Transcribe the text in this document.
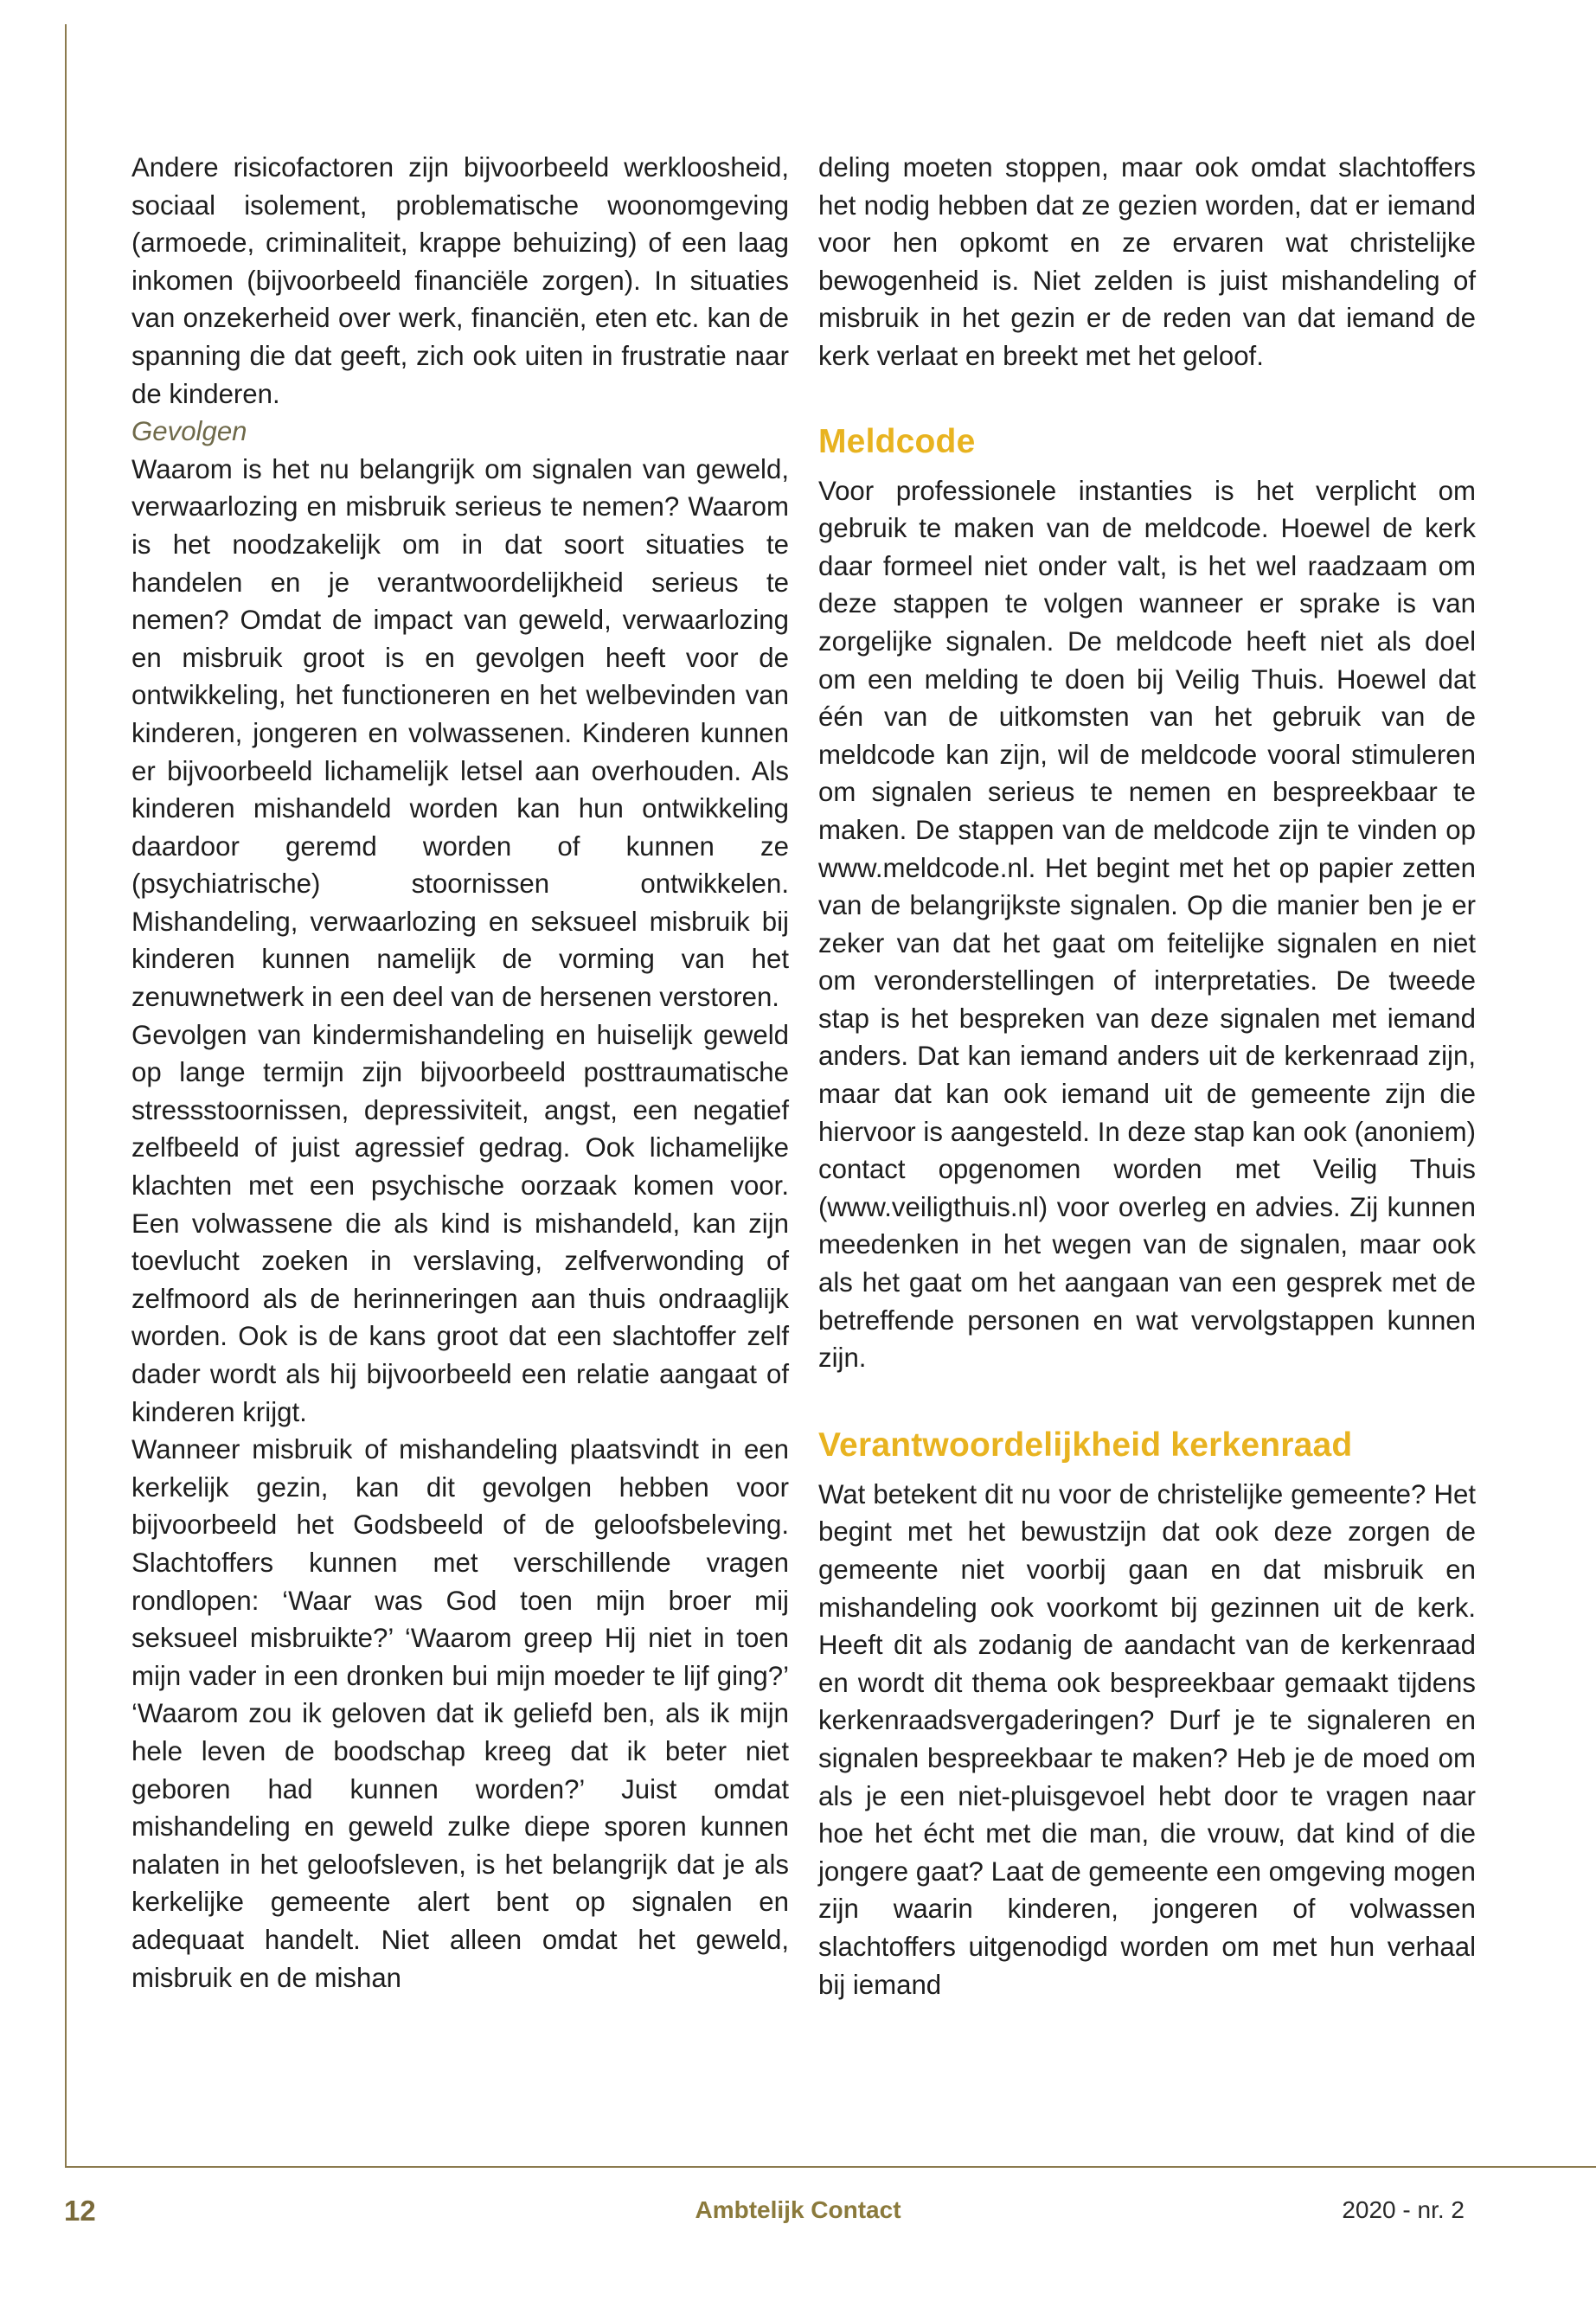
Andere risicofactoren zijn bijvoorbeeld werkloosheid, sociaal isolement, problematische woonomgeving (armoede, criminaliteit, krappe behuizing) of een laag inkomen (bijvoorbeeld financiële zorgen). In situaties van onzekerheid over werk, financiën, eten etc. kan de spanning die dat geeft, zich ook uiten in frustratie naar de kinderen.

Gevolgen

Waarom is het nu belangrijk om signalen van geweld, verwaarlozing en misbruik serieus te nemen? Waarom is het noodzakelijk om in dat soort situaties te handelen en je verantwoordelijkheid serieus te nemen? Omdat de impact van geweld, verwaarlozing en misbruik groot is en gevolgen heeft voor de ontwikkeling, het functioneren en het welbevinden van kinderen, jongeren en volwassenen. Kinderen kunnen er bijvoorbeeld lichamelijk letsel aan overhouden. Als kinderen mishandeld worden kan hun ontwikkeling daardoor geremd worden of kunnen ze (psychiatrische) stoornissen ontwikkelen. Mishandeling, verwaarlozing en seksueel misbruik bij kinderen kunnen namelijk de vorming van het zenuwnetwerk in een deel van de hersenen verstoren.

Gevolgen van kindermishandeling en huiselijk geweld op lange termijn zijn bijvoorbeeld posttraumatische stressstoornissen, depressiviteit, angst, een negatief zelfbeeld of juist agressief gedrag. Ook lichamelijke klachten met een psychische oorzaak komen voor. Een volwassene die als kind is mishandeld, kan zijn toevlucht zoeken in verslaving, zelfverwonding of zelfmoord als de herinneringen aan thuis ondraaglijk worden. Ook is de kans groot dat een slachtoffer zelf dader wordt als hij bijvoorbeeld een relatie aangaat of kinderen krijgt.

Wanneer misbruik of mishandeling plaatsvindt in een kerkelijk gezin, kan dit gevolgen hebben voor bijvoorbeeld het Godsbeeld of de geloofsbeleving. Slachtoffers kunnen met verschillende vragen rondlopen: ‘Waar was God toen mijn broer mij seksueel misbruikte?’ ‘Waarom greep Hij niet in toen mijn vader in een dronken bui mijn moeder te lijf ging?’ ‘Waarom zou ik geloven dat ik geliefd ben, als ik mijn hele leven de boodschap kreeg dat ik beter niet geboren had kunnen worden?’ Juist omdat mishandeling en geweld zulke diepe sporen kunnen nalaten in het geloofsleven, is het belangrijk dat je als kerkelijke gemeente alert bent op signalen en adequaat handelt. Niet alleen omdat het geweld, misbruik en de mishan

deling moeten stoppen, maar ook omdat slachtoffers het nodig hebben dat ze gezien worden, dat er iemand voor hen opkomt en ze ervaren wat christelijke bewogenheid is. Niet zelden is juist mishandeling of misbruik in het gezin er de reden van dat iemand de kerk verlaat en breekt met het geloof.

Meldcode

Voor professionele instanties is het verplicht om gebruik te maken van de meldcode. Hoewel de kerk daar formeel niet onder valt, is het wel raadzaam om deze stappen te volgen wanneer er sprake is van zorgelijke signalen. De meldcode heeft niet als doel om een melding te doen bij Veilig Thuis. Hoewel dat één van de uitkomsten van het gebruik van de meldcode kan zijn, wil de meldcode vooral stimuleren om signalen serieus te nemen en bespreekbaar te maken. De stappen van de meldcode zijn te vinden op www.meldcode.nl. Het begint met het op papier zetten van de belangrijkste signalen. Op die manier ben je er zeker van dat het gaat om feitelijke signalen en niet om veronderstellingen of interpretaties. De tweede stap is het bespreken van deze signalen met iemand anders. Dat kan iemand anders uit de kerkenraad zijn, maar dat kan ook iemand uit de gemeente zijn die hiervoor is aangesteld. In deze stap kan ook (anoniem) contact opgenomen worden met Veilig Thuis (www.veiligthuis.nl) voor overleg en advies. Zij kunnen meedenken in het wegen van de signalen, maar ook als het gaat om het aangaan van een gesprek met de betreffende personen en wat vervolgstappen kunnen zijn.

Verantwoordelijkheid kerkenraad

Wat betekent dit nu voor de christelijke gemeente? Het begint met het bewustzijn dat ook deze zorgen de gemeente niet voorbij gaan en dat misbruik en mishandeling ook voorkomt bij gezinnen uit de kerk. Heeft dit als zodanig de aandacht van de kerkenraad en wordt dit thema ook bespreekbaar gemaakt tijdens kerkenraadsvergaderingen? Durf je te signaleren en signalen bespreekbaar te maken? Heb je de moed om als je een niet-pluisgevoel hebt door te vragen naar hoe het écht met die man, die vrouw, dat kind of die jongere gaat? Laat de gemeente een omgeving mogen zijn waarin kinderen, jongeren of volwassen slachtoffers uitgenodigd worden om met hun verhaal bij iemand

12	Ambtelijk Contact	2020 - nr. 2
